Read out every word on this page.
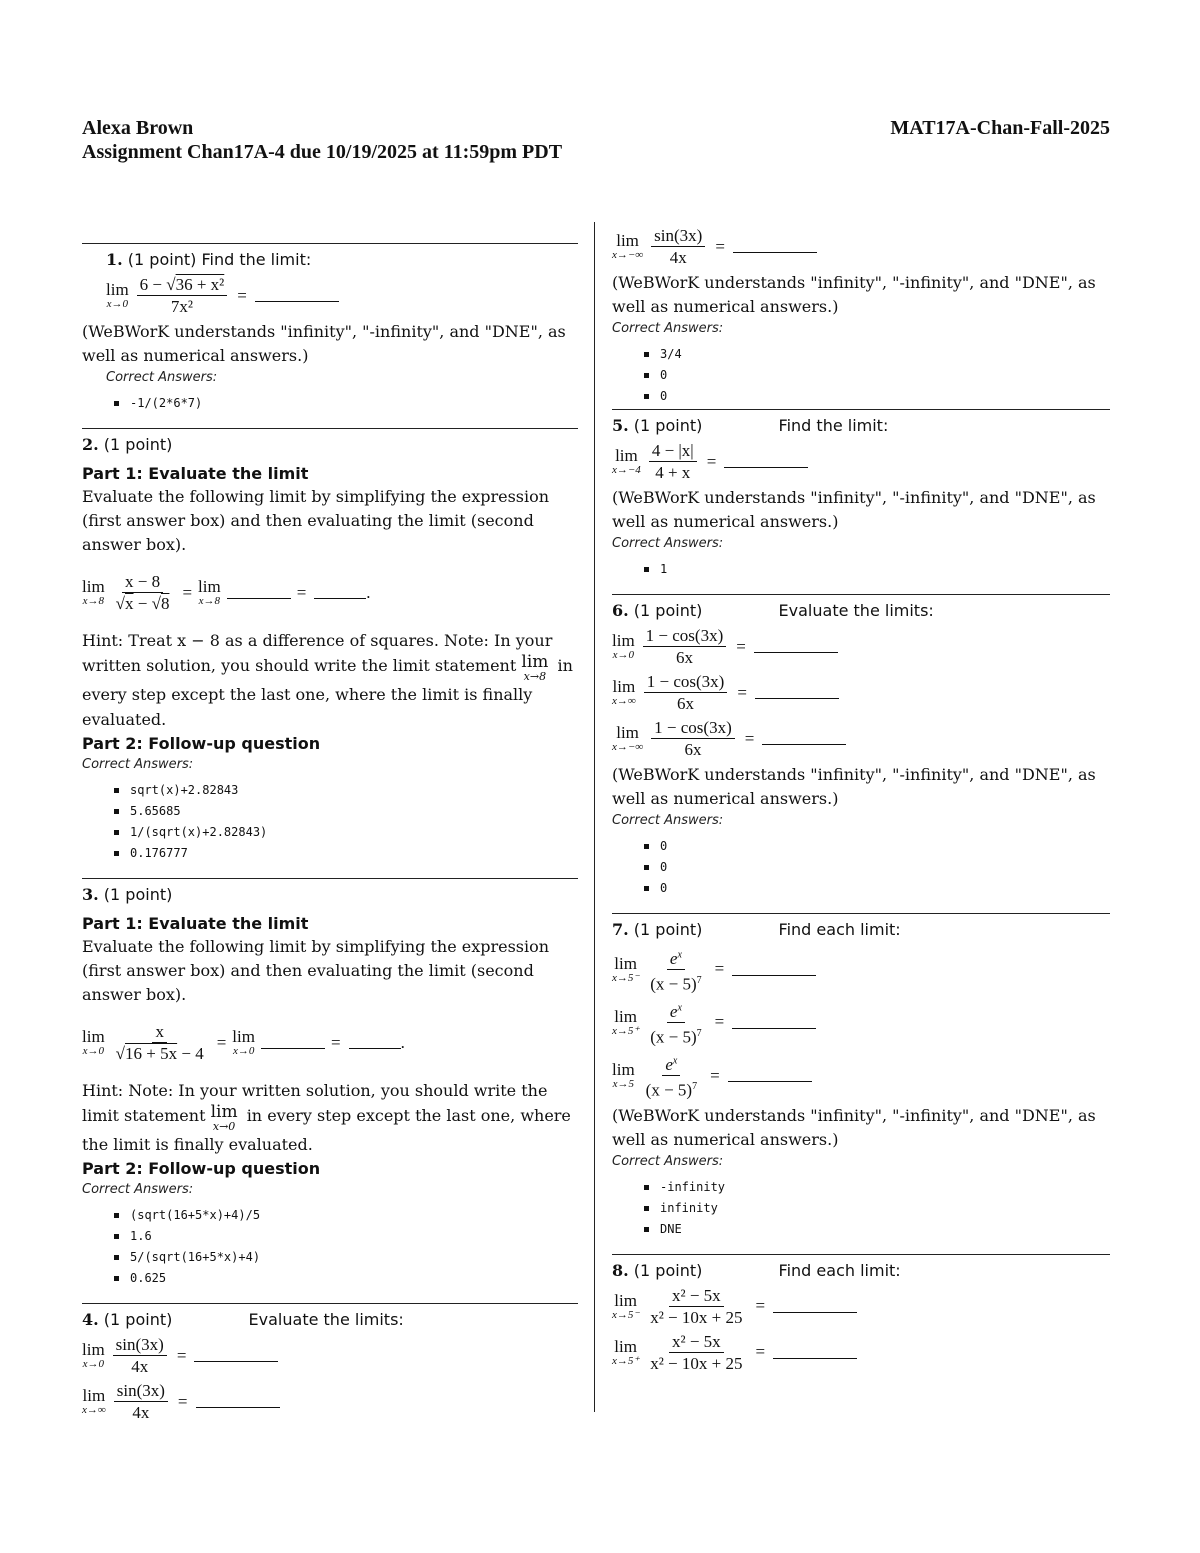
Alexa Brown	MAT17A-Chan-Fall-2025
Assignment Chan17A-4 due 10/19/2025 at 11:59pm PDT
1. (1 point) Find the limit:
lim
$x\to 0 \frac{\text{6 − √36 + x²}}{\text{7x²}}$ =
(WeBWorK understands "infinity", "-infinity", and "DNE", as well as numerical answers.)
Correct Answers:
-1/(2*6*7)
2. (1 point)
Part 1: Evaluate the limit
Evaluate the following limit by simplifying the expression (first answer box) and then evaluating the limit (second answer box).
lim
$x\to 8 \frac{x - 8}{√x - √8} = \lim$
x→8	=	.
Hint: Treat x − 8 as a difference of squares. Note: In your written solution, you should write the limit statement lim
x→8
in every step except the last one, where the limit is finally evaluated.
Part 2: Follow-up question
Correct Answers:
sqrt(x)+2.82843
5.65685
1/(sqrt(x)+2.82843)
0.176777
3. (1 point)
Part 1: Evaluate the limit
Evaluate the following limit by simplifying the expression (first answer box) and then evaluating the limit (second answer box).
lim
$x\to 0 \frac{x}{√16 + 5x - 4} = \lim$
x→0	=	.
Hint: Note: In your written solution, you should write the limit statement lim
x→0
in every step except the last one, where the limit is finally evaluated.
Part 2: Follow-up question
Correct Answers:
(sqrt(16+5*x)+4)/5
1.6
5/(sqrt(16+5*x)+4)
0.625
4. (1 point)	Evaluate the limits:
lim
$x\to 0 \frac{\sin(3x)}{4x}$ =
lim
$x\to\infty \frac{\sin(3x)}{4x}$ =
lim
$x\to-\infty \frac{\sin(3x)}{4x}$ =
(WeBWorK understands "infinity", "-infinity", and "DNE", as well as numerical answers.)
Correct Answers:
3/4
0
0
5. (1 point)	Find the limit:
lim
$x\to-4 \frac{4 - |x|}{4 + x}$ =
(WeBWorK understands "infinity", "-infinity", and "DNE", as well as numerical answers.)
Correct Answers:
1
6. (1 point)	Evaluate the limits:
lim
$x\to 0 \frac{1 - \cos(3x)}{6x}$ =
lim
$x\to\infty \frac{1 - \cos(3x)}{6x}$ =
lim
$x\to-\infty \frac{1 - \cos(3x)}{6x}$ =
(WeBWorK understands "infinity", "-infinity", and "DNE", as well as numerical answers.)
Correct Answers:
0
0
0
7. (1 point)	Find each limit:
lim
$x\to 5^- \frac{e^x}{(x - 5)^7}$ =
lim
$x\to 5^+ \frac{e^x}{(x - 5)^7}$ =
lim
$x\to 5 \frac{e^x}{(x - 5)^7}$ =
(WeBWorK understands "infinity", "-infinity", and "DNE", as well as numerical answers.)
Correct Answers:
-infinity
infinity
DNE
8. (1 point)	Find each limit:
lim
$x\to 5^- \frac{\text{x² − 5x}}{\text{x² − 10x + 25}}$ =
lim
$x\to 5^+ \frac{\text{x² − 5x}}{\text{x² − 10x + 25}}$ =
